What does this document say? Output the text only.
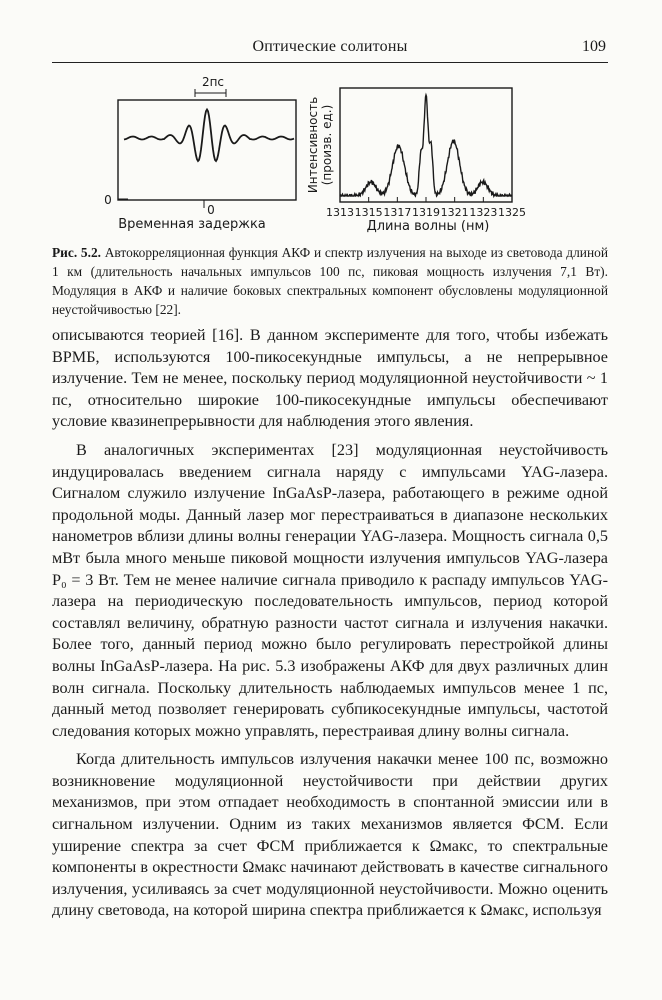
Оптические солитоны	109
2пс
0
0
Временная задержка
Интенсивность (произв. ед.)
1313 1315 1317 1319 1321 1323 1325
Длина волны (нм)

Рис. 5.2. Автокорреляционная функция АКФ и спектр излучения на выходе из световода длиной 1 км (длительность начальных импульсов 100 пс, пиковая мощность излучения 7,1 Вт). Модуляция в АКФ и наличие боковых спектральных компонент обусловлены модуляционной неустойчивостью [22].

описываются теорией [16]. В данном эксперименте для того, чтобы избежать ВРМБ, используются 100-пикосекундные импульсы, а не непрерывное излучение. Тем не менее, поскольку период модуляционной неустойчивости ~ 1 пс, относительно широкие 100-пикосекундные импульсы обеспечивают условие квазинепрерывности для наблюдения этого явления.

В аналогичных экспериментах [23] модуляционная неустойчивость индуцировалась введением сигнала наряду с импульсами YAG-лазера. Сигналом служило излучение InGaAsP-лазера, работающего в режиме одной продольной моды. Данный лазер мог перестраиваться в диапазоне нескольких нанометров вблизи длины волны генерации YAG-лазера. Мощность сигнала 0,5 мВт была много меньше пиковой мощности излучения импульсов YAG-лазера P₀ = 3 Вт. Тем не менее наличие сигнала приводило к распаду импульсов YAG-лазера на периодическую последовательность импульсов, период которой составлял величину, обратную разности частот сигнала и излучения накачки. Более того, данный период можно было регулировать перестройкой длины волны InGaAsP-лазера. На рис. 5.3 изображены АКФ для двух различных длин волн сигнала. Поскольку длительность наблюдаемых импульсов менее 1 пс, данный метод позволяет генерировать субпикосекундные импульсы, частотой следования которых можно управлять, перестраивая длину волны сигнала.

Когда длительность импульсов излучения накачки менее 100 пс, возможно возникновение модуляционной неустойчивости при действии других механизмов, при этом отпадает необходимость в спонтанной эмиссии или в сигнальном излучении. Одним из таких механизмов является ФСМ. Если уширение спектра за счет ФСМ приближается к Ωмакс, то спектральные компоненты в окрестности Ωмакс начинают действовать в качестве сигнального излучения, усиливаясь за счет модуляционной неустойчивости. Можно оценить длину световода, на которой ширина спектра приближается к Ωмакс, используя
